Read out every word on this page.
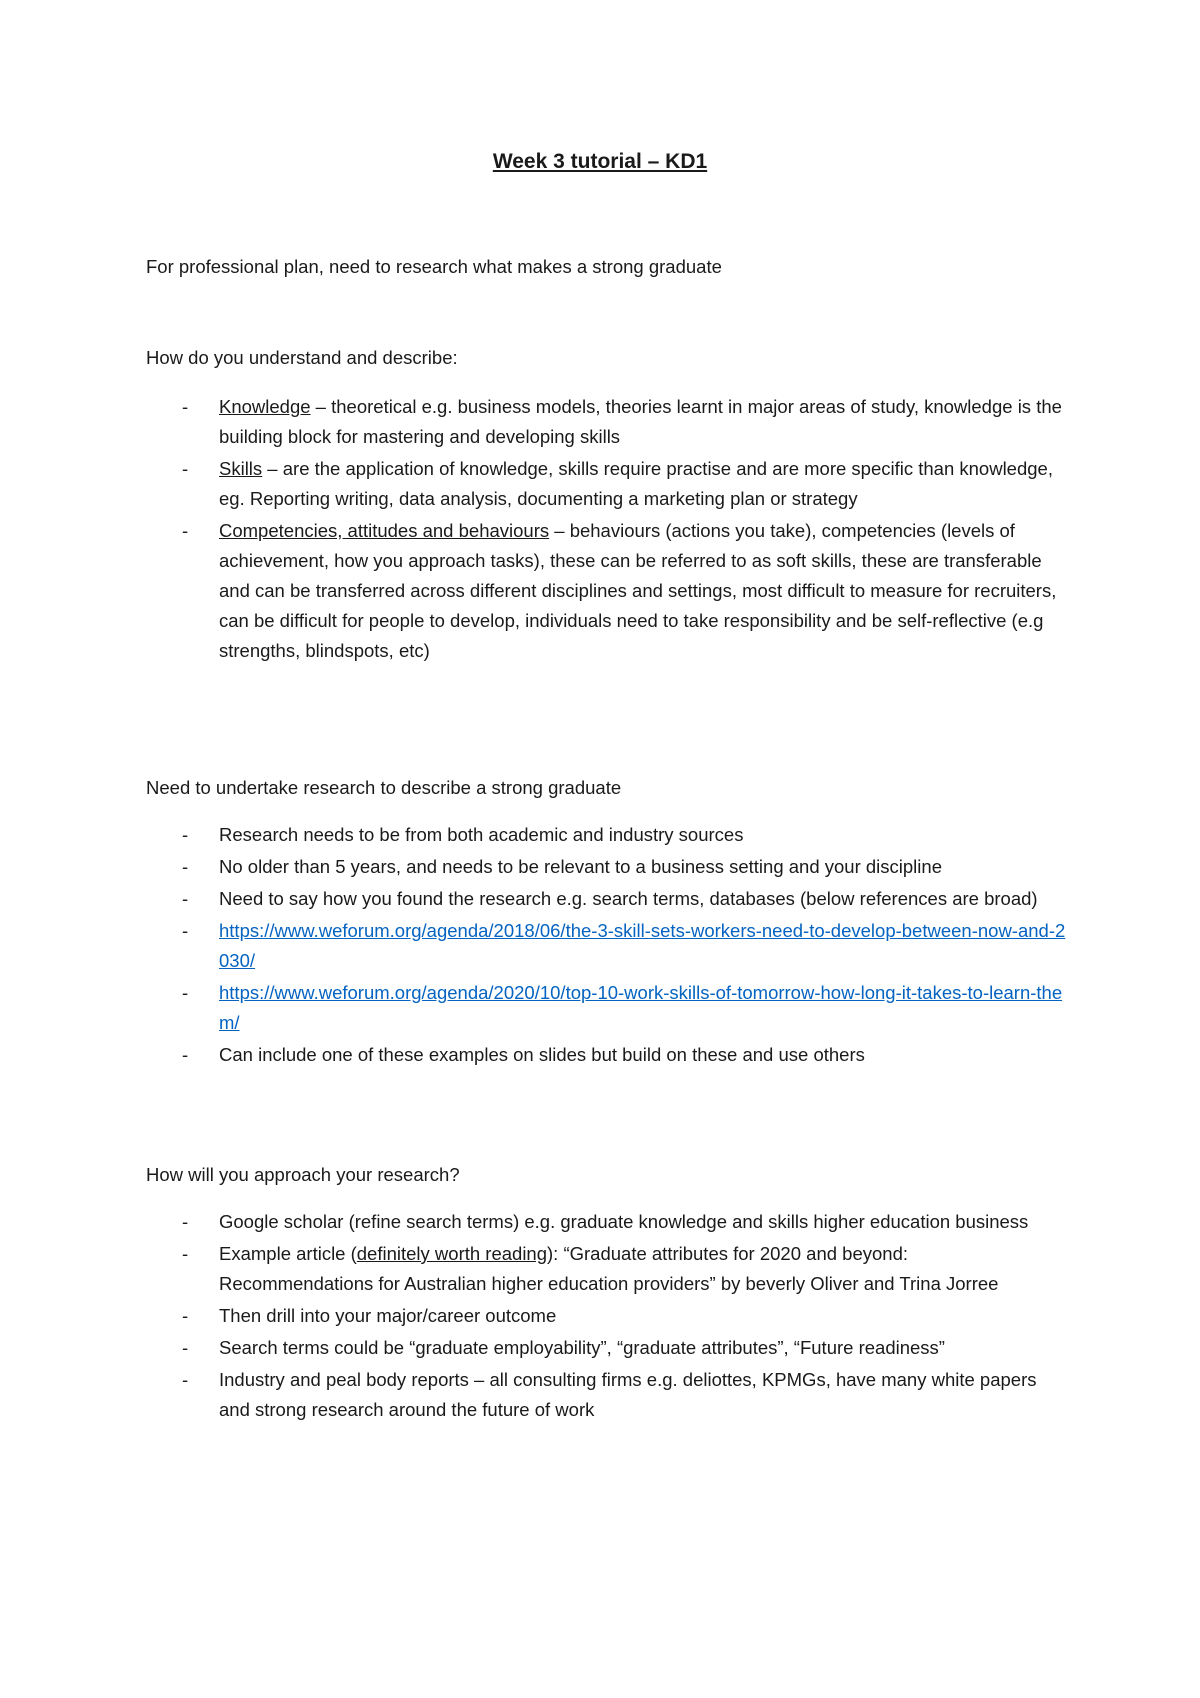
Week 3 tutorial – KD1

For professional plan, need to research what makes a strong graduate

How do you understand and describe:

- Knowledge – theoretical e.g. business models, theories learnt in major areas of study, knowledge is the building block for mastering and developing skills
- Skills – are the application of knowledge, skills require practise and are more specific than knowledge, eg. Reporting writing, data analysis, documenting a marketing plan or strategy
- Competencies, attitudes and behaviours – behaviours (actions you take), competencies (levels of achievement, how you approach tasks), these can be referred to as soft skills, these are transferable and can be transferred across different disciplines and settings, most difficult to measure for recruiters, can be difficult for people to develop, individuals need to take responsibility and be self-reflective (e.g strengths, blindspots, etc)

Need to undertake research to describe a strong graduate

- Research needs to be from both academic and industry sources
- No older than 5 years, and needs to be relevant to a business setting and your discipline
- Need to say how you found the research e.g. search terms, databases (below references are broad)
- https://www.weforum.org/agenda/2018/06/the-3-skill-sets-workers-need-to-develop-between-now-and-2030/
- https://www.weforum.org/agenda/2020/10/top-10-work-skills-of-tomorrow-how-long-it-takes-to-learn-them/
- Can include one of these examples on slides but build on these and use others

How will you approach your research?

- Google scholar (refine search terms) e.g. graduate knowledge and skills higher education business
- Example article (definitely worth reading): “Graduate attributes for 2020 and beyond: Recommendations for Australian higher education providers” by beverly Oliver and Trina Jorree
- Then drill into your major/career outcome
- Search terms could be “graduate employability”, “graduate attributes”, “Future readiness”
- Industry and peal body reports – all consulting firms e.g. deliottes, KPMGs, have many white papers and strong research around the future of work
